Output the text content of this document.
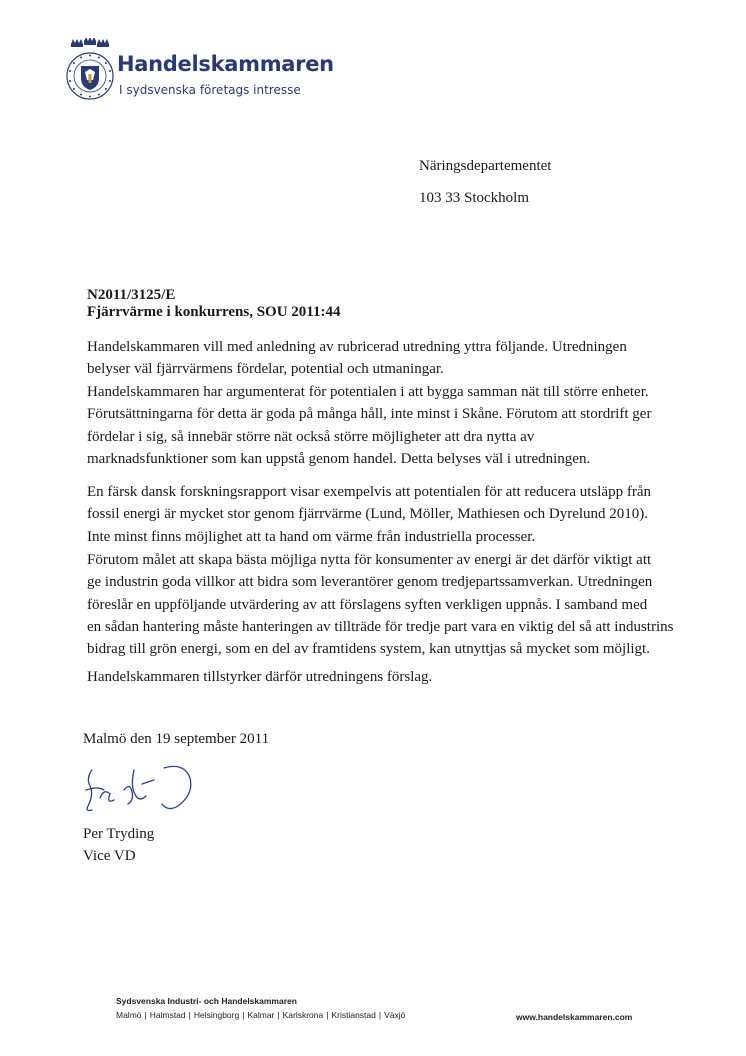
Handelskammaren
I sydsvenska företags intresse
Näringsdepartementet
103 33 Stockholm
N2011/3125/E
Fjärrvärme i konkurrens, SOU 2011:44
Handelskammaren vill med anledning av rubricerad utredning yttra följande. Utredningen
belyser väl fjärrvärmens fördelar, potential och utmaningar.
Handelskammaren har argumenterat för potentialen i att bygga samman nät till större enheter.
Förutsättningarna för detta är goda på många håll, inte minst i Skåne. Förutom att stordrift ger
fördelar i sig, så innebär större nät också större möjligheter att dra nytta av
marknadsfunktioner som kan uppstå genom handel. Detta belyses väl i utredningen.
En färsk dansk forskningsrapport visar exempelvis att potentialen för att reducera utsläpp från
fossil energi är mycket stor genom fjärrvärme (Lund, Möller, Mathiesen och Dyrelund 2010).
Inte minst finns möjlighet att ta hand om värme från industriella processer.
Förutom målet att skapa bästa möjliga nytta för konsumenter av energi är det därför viktigt att
ge industrin goda villkor att bidra som leverantörer genom tredjepartssamverkan. Utredningen
föreslår en uppföljande utvärdering av att förslagens syften verkligen uppnås. I samband med
en sådan hantering måste hanteringen av tillträde för tredje part vara en viktig del så att industrins
bidrag till grön energi, som en del av framtidens system, kan utnyttjas så mycket som möjligt.
Handelskammaren tillstyrker därför utredningens förslag.
Malmö den 19 september 2011
Per Tryding
Vice VD
Sydsvenska Industri- och Handelskammaren
Malmö | Halmstad | Helsingborg | Kalmar | Karlskrona | Kristianstad | Växjö	www.handelskammaren.com
